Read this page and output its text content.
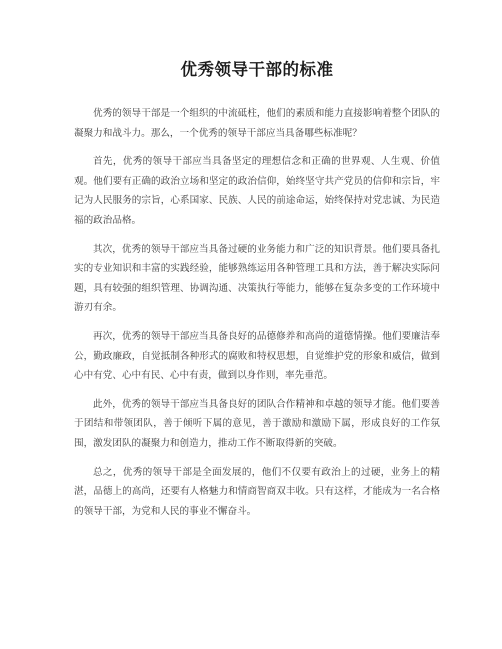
优秀领导干部的标准

优秀的领导干部是一个组织的中流砥柱，他们的素质和能力直接影响着整个团队的凝聚力和战斗力。那么，一个优秀的领导干部应当具备哪些标准呢？

首先，优秀的领导干部应当具备坚定的理想信念和正确的世界观、人生观、价值观。他们要有正确的政治立场和坚定的政治信仰，始终坚守共产党员的信仰和宗旨，牢记为人民服务的宗旨，心系国家、民族、人民的前途命运，始终保持对党忠诚、为民造福的政治品格。

其次，优秀的领导干部应当具备过硬的业务能力和广泛的知识背景。他们要具备扎实的专业知识和丰富的实践经验，能够熟练运用各种管理工具和方法，善于解决实际问题，具有较强的组织管理、协调沟通、决策执行等能力，能够在复杂多变的工作环境中游刃有余。

再次，优秀的领导干部应当具备良好的品德修养和高尚的道德情操。他们要廉洁奉公，勤政廉政，自觉抵制各种形式的腐败和特权思想，自觉维护党的形象和威信，做到心中有党、心中有民、心中有责，做到以身作则，率先垂范。

此外，优秀的领导干部应当具备良好的团队合作精神和卓越的领导才能。他们要善于团结和带领团队，善于倾听下属的意见，善于激励和激励下属，形成良好的工作氛围，激发团队的凝聚力和创造力，推动工作不断取得新的突破。

总之，优秀的领导干部是全面发展的，他们不仅要有政治上的过硬，业务上的精湛，品德上的高尚，还要有人格魅力和情商智商双丰收。只有这样，才能成为一名合格的领导干部，为党和人民的事业不懈奋斗。
